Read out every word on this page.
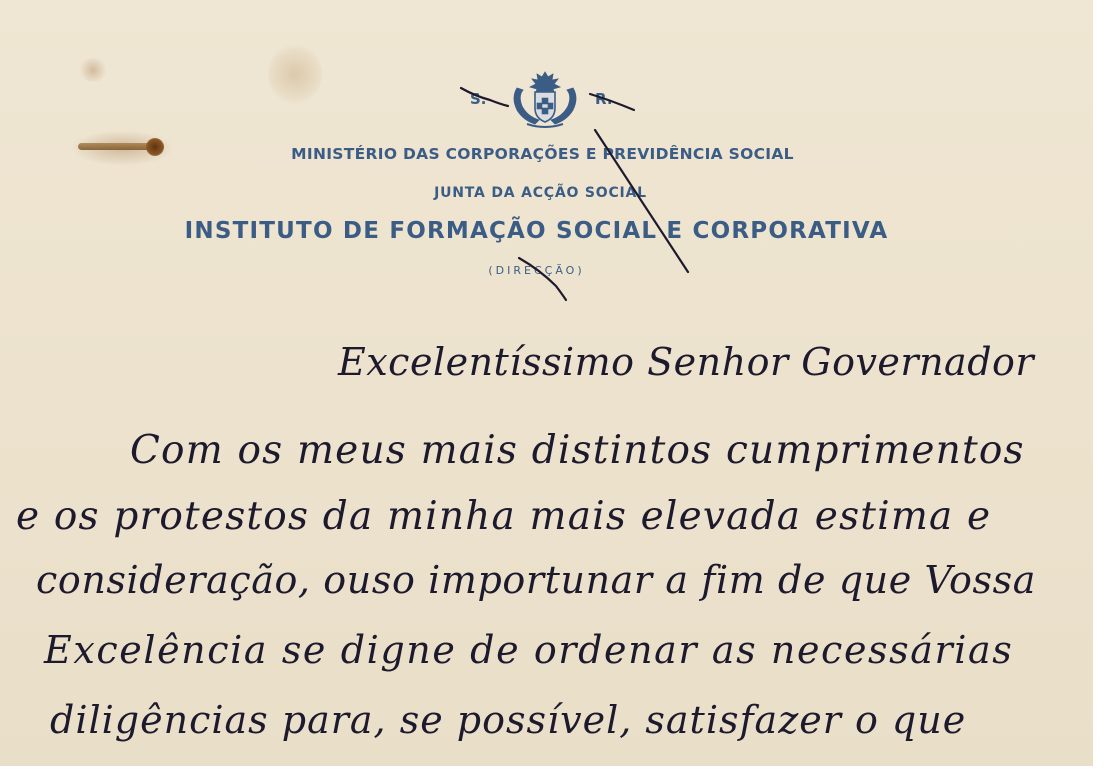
S.	R.
MINISTÉRIO DAS CORPORAÇÕES E PREVIDÊNCIA SOCIAL
JUNTA DA ACÇÃO SOCIAL
INSTITUTO DE FORMAÇÃO SOCIAL E CORPORATIVA
(DIRECÇÃO)
Excelentíssimo Senhor Governador
Com os meus mais distintos cumprimentos
e os protestos da minha mais elevada estima e
consideração, ouso importunar a fim de que Vossa
Excelência se digne de ordenar as necessárias
diligências para, se possível, satisfazer o que
